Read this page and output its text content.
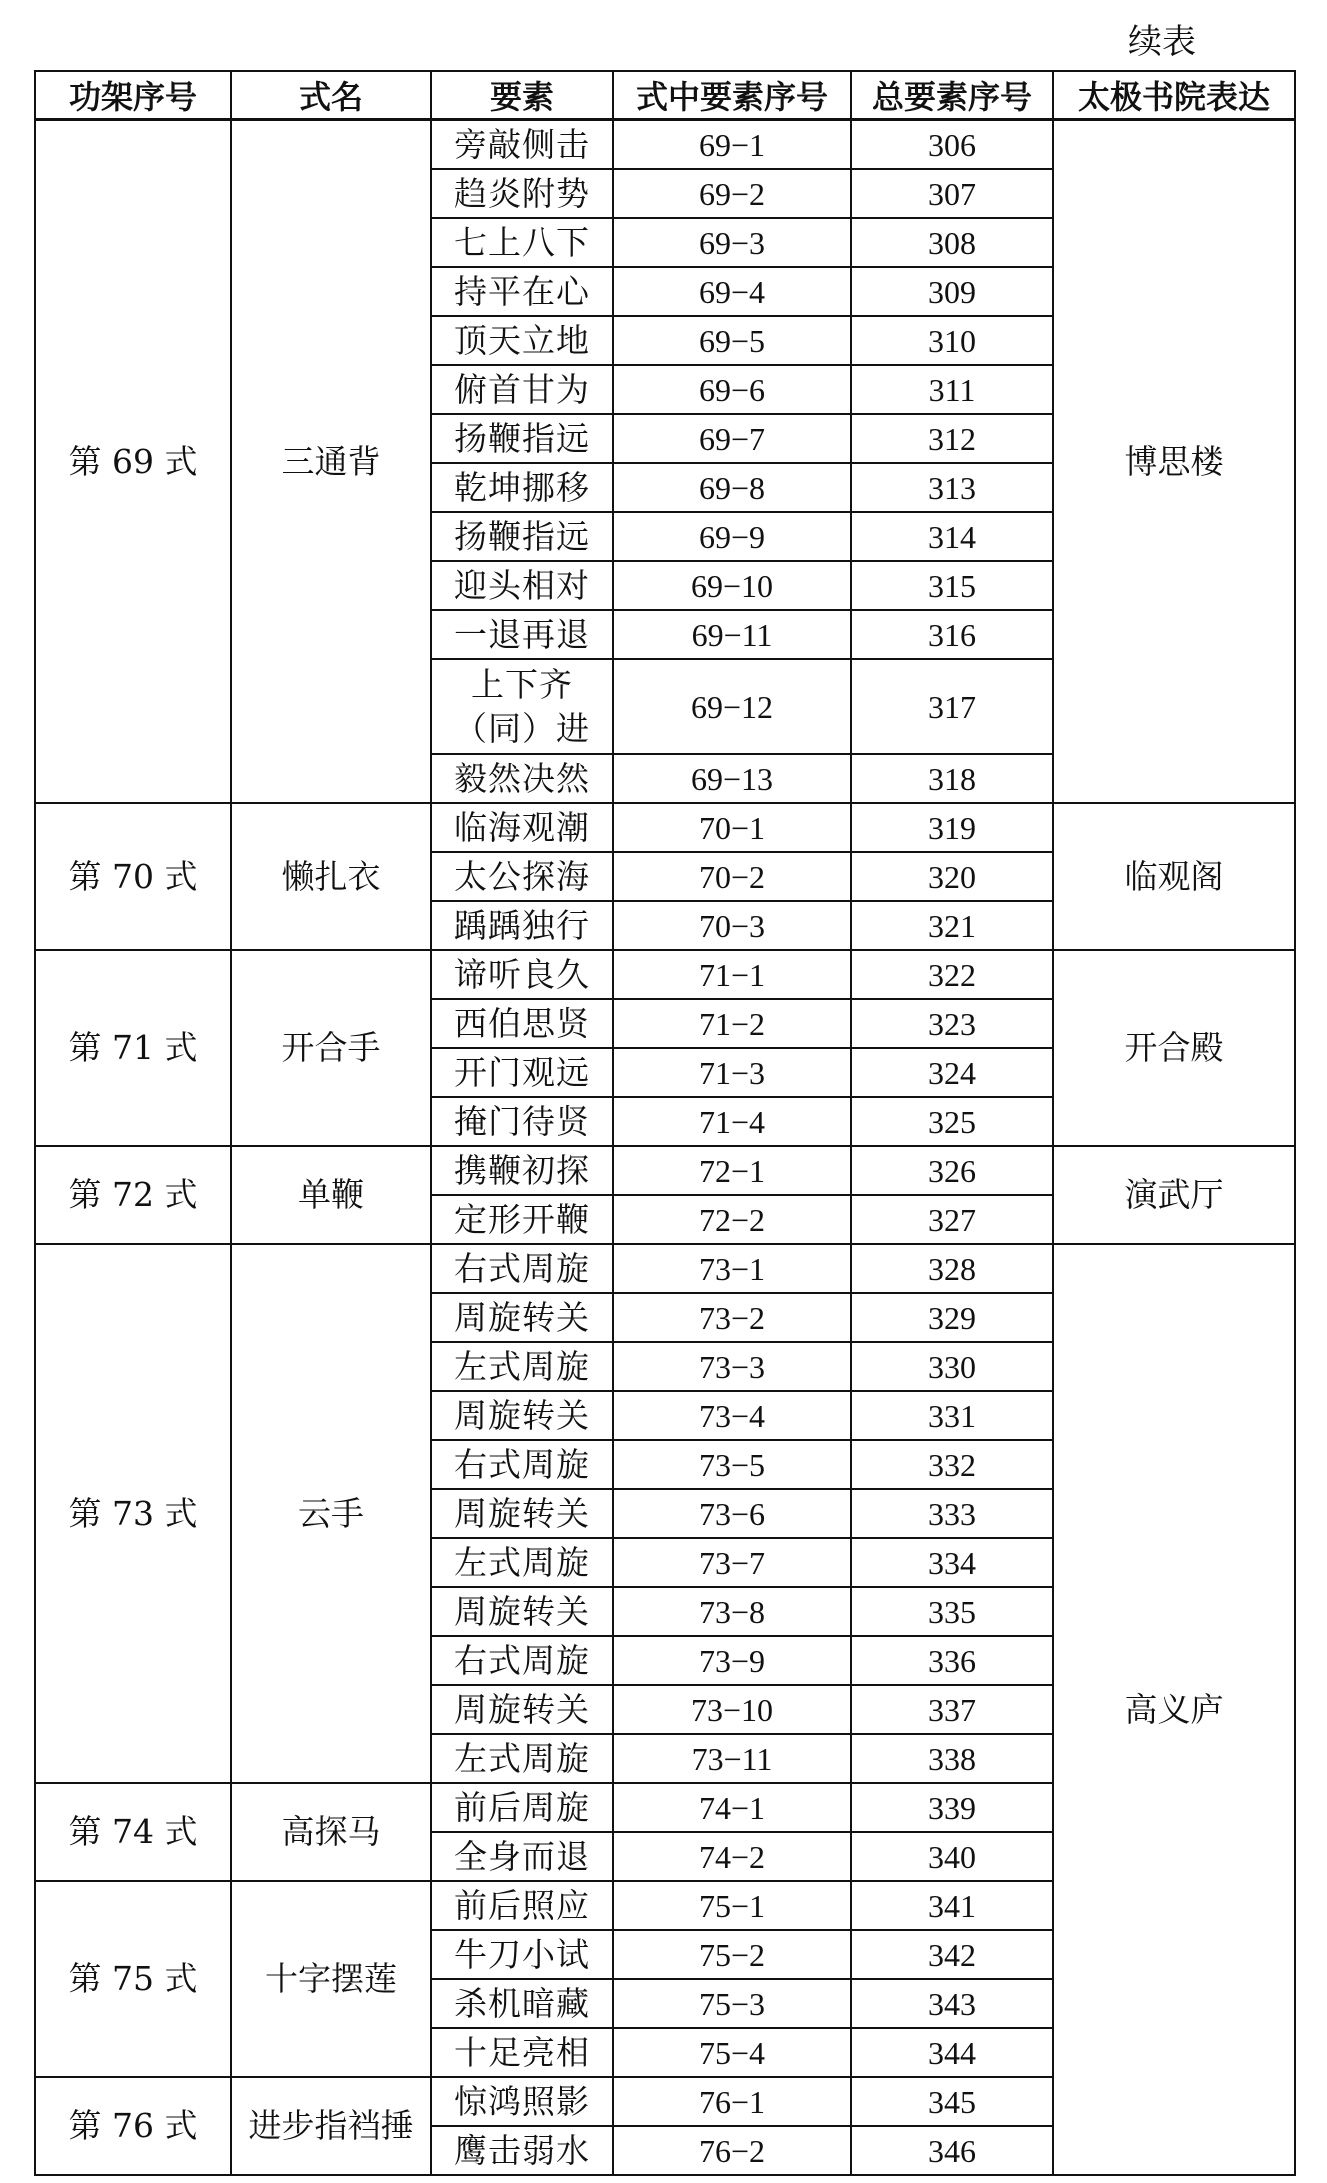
续表
功架序号	式名	要素	式中要素序号	总要素序号	太极书院表达
第 69 式	三通背	旁敲侧击	69−1	306	博思楼
		趋炎附势	69−2	307	
		七上八下	69−3	308	
		持平在心	69−4	309	
		顶天立地	69−5	310	
		俯首甘为	69−6	311	
		扬鞭指远	69−7	312	
		乾坤挪移	69−8	313	
		扬鞭指远	69−9	314	
		迎头相对	69−10	315	
		一退再退	69−11	316	
		上下齐（同）进	69−12	317	
		毅然决然	69−13	318	
第 70 式	懒扎衣	临海观潮	70−1	319	临观阁
		太公探海	70−2	320	
		踽踽独行	70−3	321	
第 71 式	开合手	谛听良久	71−1	322	开合殿
		西伯思贤	71−2	323	
		开门观远	71−3	324	
		掩门待贤	71−4	325	
第 72 式	单鞭	携鞭初探	72−1	326	演武厅
		定形开鞭	72−2	327	
第 73 式	云手	右式周旋	73−1	328	高义庐
		周旋转关	73−2	329	
		左式周旋	73−3	330	
		周旋转关	73−4	331	
		右式周旋	73−5	332	
		周旋转关	73−6	333	
		左式周旋	73−7	334	
		周旋转关	73−8	335	
		右式周旋	73−9	336	
		周旋转关	73−10	337	
		左式周旋	73−11	338	
第 74 式	高探马	前后周旋	74−1	339	
		全身而退	74−2	340	
第 75 式	十字摆莲	前后照应	75−1	341	
		牛刀小试	75−2	342	
		杀机暗藏	75−3	343	
		十足亮相	75−4	344	
第 76 式	进步指裆捶	惊鸿照影	76−1	345	
		鹰击弱水	76−2	346	
